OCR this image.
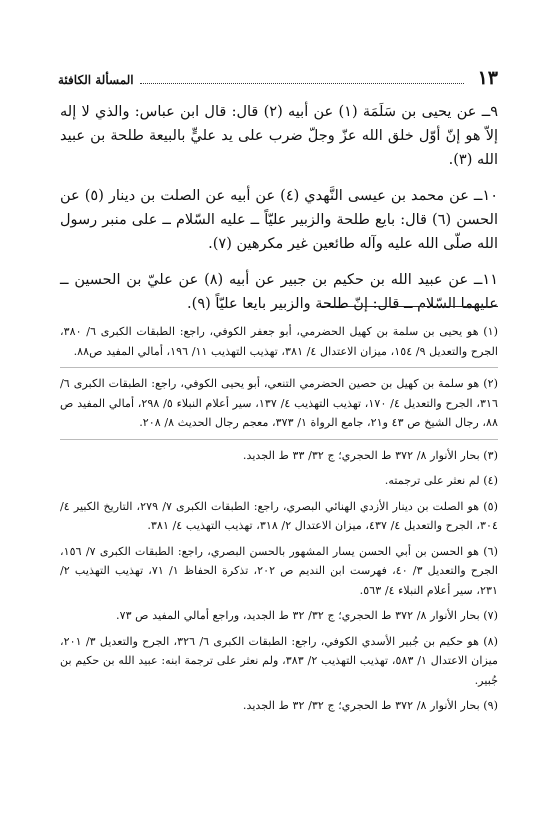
١٣
المسألة الكافئة

٩ــ عن يحيى بن سَلَمَة (١) عن أبيه (٢) قال: قال ابن عباس: والذي لا إله إلاّ هو إنّ أوّل خلق الله عزّ وجلّ ضرب على يد عليٍّ بالبيعة طلحة بن عبيد الله (٣).

١٠ــ عن محمد بن عيسى النَّهدي (٤) عن أبيه عن الصلت بن دينار (٥) عن الحسن (٦) قال: بايع طلحة والزبير عليّاً ــ عليه السّلام ــ على منبر رسول الله صلّى الله عليه وآله طائعين غير مكرهين (٧).

١١ــ عن عبيد الله بن حكيم بن جبير عن أبيه (٨) عن عليّ بن الحسين ــ عليهما السّلام ــ قال: إنّ طلحة والزبير بايعا عليّاً (٩).

(١) هو يحيى بن سلمة بن كهيل الحضرمي، أبو جعفر الكوفي، راجع: الطبقات الكبرى ٦/ ٣٨٠، الجرح والتعديل ٩/ ١٥٤، ميزان الاعتدال ٤/ ٣٨١، تهذيب التهذيب ١١/ ١٩٦، أمالي المفيد ص٨٨.

(٢) هو سلمة بن كهيل بن حصين الحضرمي التنعي، أبو يحيى الكوفي، راجع: الطبقات الكبرى ٦/ ٣١٦، الجرح والتعديل ٤/ ١٧٠، تهذيب التهذيب ٤/ ١٣٧، سير أعلام النبلاء ٥/ ٢٩٨، أمالي المفيد ص ٨٨، رجال الشيخ ص ٤٣ و٢١، جامع الرواة ١/ ٣٧٣، معجم رجال الحديث ٨/ ٢٠٨.

(٣) بحار الأنوار ٨/ ٣٧٢ ط الحجري؛ ج ٣٢/ ٣٣ ط الجديد.

(٤) لم نعثر على ترجمته.

(٥) هو الصلت بن دينار الأزدي الهنائي البصري، راجع: الطبقات الكبرى ٧/ ٢٧٩، التاريخ الكبير ٤/ ٣٠٤، الجرح والتعديل ٤/ ٤٣٧، ميزان الاعتدال ٢/ ٣١٨، تهذيب التهذيب ٤/ ٣٨١.

(٦) هو الحسن بن أبي الحسن يسار المشهور بالحسن البصري، راجع: الطبقات الكبرى ٧/ ١٥٦، الجرح والتعديل ٣/ ٤٠، فهرست ابن النديم ص ٢٠٢، تذكرة الحفاظ ١/ ٧١، تهذيب التهذيب ٢/ ٢٣١، سير أعلام النبلاء ٤/ ٥٦٣.

(٧) بحار الأنوار ٨/ ٣٧٢ ط الحجري؛ ج ٣٢/ ٣٢ ط الجديد، وراجع أمالي المفيد ص ٧٣.

(٨) هو حكيم بن جُبير الأسدي الكوفي، راجع: الطبقات الكبرى ٦/ ٣٢٦، الجرح والتعديل ٣/ ٢٠١، ميزان الاعتدال ١/ ٥٨٣، تهذيب التهذيب ٢/ ٣٨٣، ولم نعثر على ترجمة ابنه: عبيد الله بن حكيم بن جُبير.

(٩) بحار الأنوار ٨/ ٣٧٢ ط الحجري؛ ج ٣٢/ ٣٢ ط الجديد.
